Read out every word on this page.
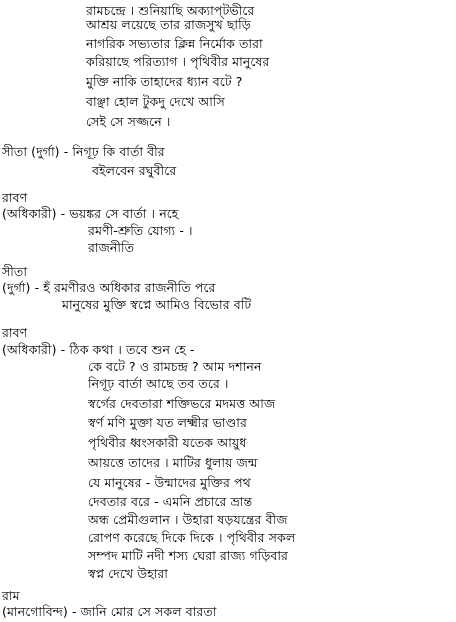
রামচন্দ্রে । শুনিয়াছি অক্যাপ্‌টভীরে
আশ্রয় লয়েছে তার রাজসুখ ছাড়ি
নাগরিক সভ্যতার ক্লিন্ন নির্মোক তারা
করিয়াছে পরিত্যাগ । পৃথিবীর মানুষের
মুক্তি নাকি তাহাদের ধ্যান বটে ?
বাঞ্ছা হোল টুকদু দেখে আসি
সেই সে সজ্জনে ।
সীতা (দুর্গা) - নিগূঢ় কি বার্তা বীর
বইলবেন রঘুবীরে
রাবণ
(অধিকারী) - ভয়ঙ্কর সে বার্তা । নহে
রমণী-শ্রুতি যোগ্য - ।
রাজনীতি
সীতা
(দুর্গা) - হঁ রমণীরও অধিকার রাজনীতি পরে
মানুষের মুক্তি স্বপ্নে আমিও বিভোর বটি
রাবণ
(অধিকারী) - ঠিক কথা । তবে শুন হে -
কে বটে ? ও রামচন্দ্র ? আম দশানন
নিগূঢ় বার্তা আছে তব তরে ।
স্বর্গের দেবতারা শক্তিভরে মদমত্ত আজ
স্বর্ণ মণি মুক্তা যত লক্ষ্মীর ভাণ্ডার
পৃথিবীর ধ্বংসকারী যতেক আয়ুধ
আয়ত্তে তাদের । মাটির ধুলায় জন্ম
যে মানুষের - উন্মাদের মুক্তির পথ
দেবতার বরে - এমনি প্রচারে ভ্রান্ত
অন্ধ প্রেমীগুলান । উহারা ষড়যন্ত্রের বীজ
রোপণ করেছে দিকে দিকে । পৃথিবীর সকল
সম্পদ মাটি নদী শস্য ঘেরা রাজ্য গড়িবার
স্বপ্ন দেখে উহারা
রাম
(মানগোবিন্দ) - জানি মোর সে সকল বারতা
